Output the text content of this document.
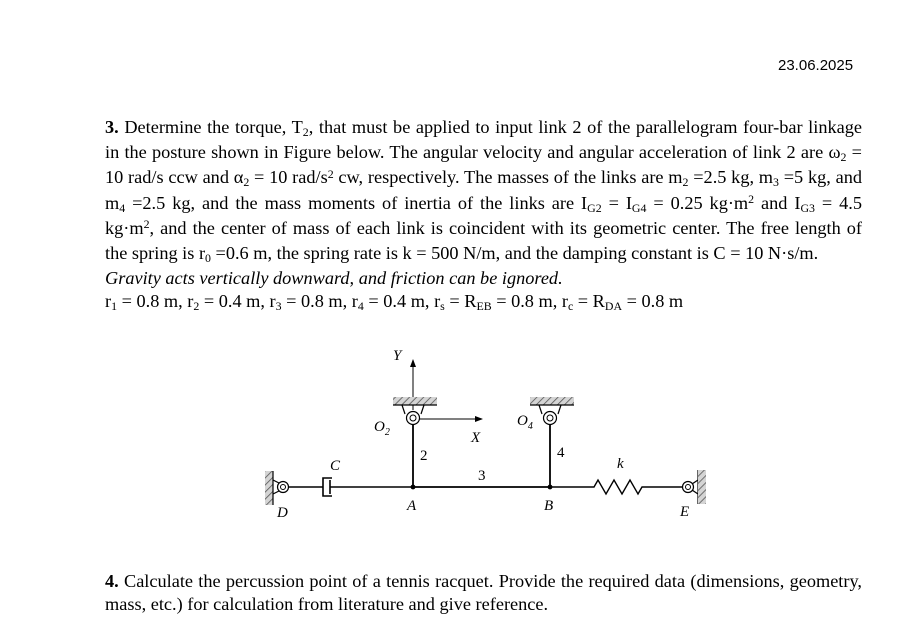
23.06.2025

3. Determine the torque, $T_2$, that must be applied to input link 2 of the parallelogram four-bar linkage in the posture shown in Figure below. The angular velocity and angular acceleration of link 2 are $\omega_2 = 10$ rad/s ccw and $\alpha_2 = 10$ rad/$s^2$ cw, respectively. The masses of the links are $m_2 =2.5$ kg, $m_3 =5$ kg, and $m_4 =2.5$ kg, and the mass moments of inertia of the links are $I_{G2} = I_{G4} = 0.25$ $kg\cdot m^2$ and $I_{G3} = 4.5$ $kg\cdot m^2$, and the center of mass of each link is coincident with its geometric center. The free length of the spring is $r_0 =0.6$ m, the spring rate is k = 500 N/m, and the damping constant is C = 10 N·s/m.

Gravity acts vertically downward, and friction can be ignored.

$r_1 = 0.8$ m, $r_2 = 0.4$ m, $r_3 = 0.8$ m, $r_4 = 0.4$ m, $r_s = R_{EB} = 0.8$ m, $r_c = R_{DA} = 0.8$ m

Y
X
$O_2$
$O_4$
2	4
3
A	B
C
D
k
E

4. Calculate the percussion point of a tennis racquet. Provide the required data (dimensions, geometry, mass, etc.) for calculation from literature and give reference.
